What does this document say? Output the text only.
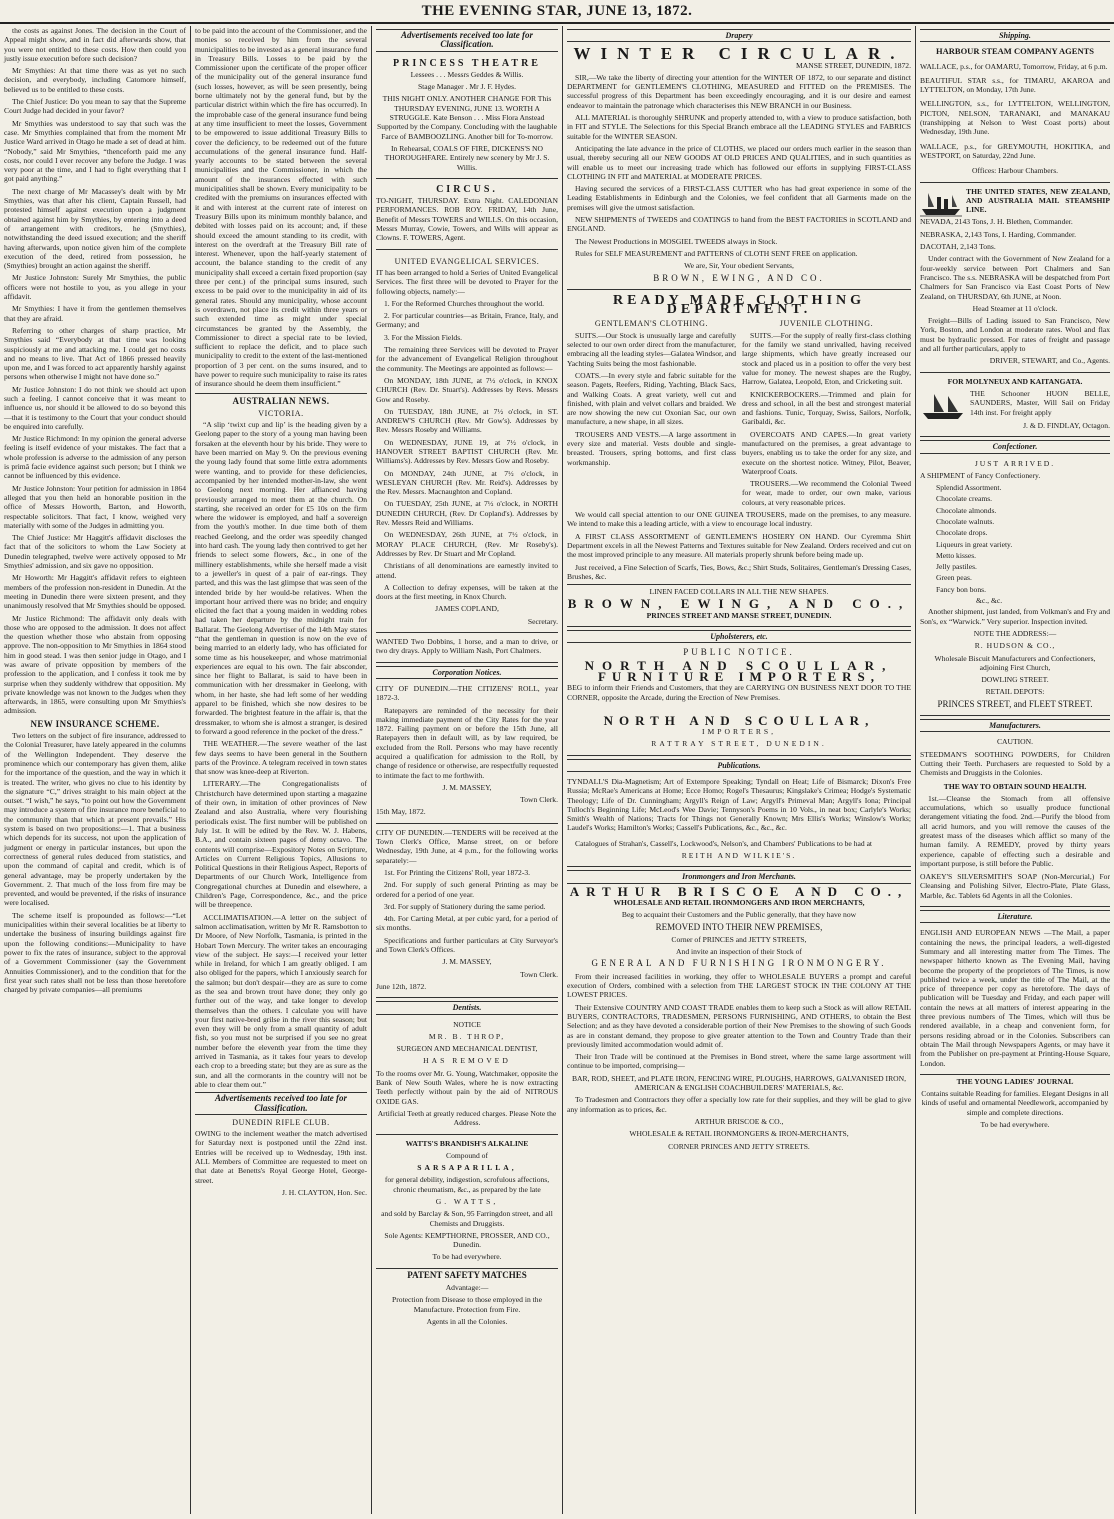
THE EVENING STAR, JUNE 13, 1872.

the costs as against Jones. The decision in the Court of Appeal might show, and in fact did afterwards show, that you were not entitled to these costs. How then could you justly issue execution before such decision?

Mr Smythies: At that time there was as yet no such decision, and everybody, including Catomore himself, believed us to be entitled to these costs.

The Chief Justice: Do you mean to say that the Supreme Court Judge had decided in your favor?

Mr Smythies was understood to say that such was the case. Mr Smythies complained that from the moment Mr Justice Ward arrived in Otago he made a set of dead at him. “Nobody,” said Mr Smythies, “thenceforth paid me any costs, nor could I ever recover any before the Judge. I was very poor at the time, and I had to fight everything that I got paid anything.”

The next charge of Mr Macassey's dealt with by Mr Smythies, was that after his client, Captain Russell, had protested himself against execution upon a judgment obtained against him by Smythies, by entering into a deed of arrangement with creditors, he (Smythies), notwithstanding the deed issued execution; and the sheriff having afterwards, upon notice given him of the complete execution of the deed, retired from possession, he (Smythies) brought an action against the sheriff.

Mr Justice Johnston: Surely Mr Smythies, the public officers were not hostile to you, as you allege in your affidavit.

Mr Smythies: I have it from the gentlemen themselves that they are afraid.

Referring to other charges of sharp practice, Mr Smythies said “Everybody at that time was looking suspiciously at me and attacking me. I could get no costs and no means to live. That Act of 1866 pressed heavily upon me, and I was forced to act apparently harshly against persons when otherwise I might not have done so.”

Mr Justice Johnston: I do not think we should act upon such a feeling. I cannot conceive that it was meant to influence us, nor should it be allowed to do so beyond this —that it is testimony to the Court that your conduct should be enquired into carefully.

Mr Justice Richmond: In my opinion the general adverse feeling is itself evidence of your mistakes. The fact that a whole profession is adverse to the admission of any person is primâ facie evidence against such person; but I think we cannot be influenced by this evidence.

Mr Justice Johnston: Your petition for admission in 1864 alleged that you then held an honorable position in the office of Messrs Howorth, Barton, and Howorth, respectable solicitors. That fact, I know, weighed very materially with some of the Judges in admitting you.

The Chief Justice: Mr Haggitt's affidavit discloses the fact that of the solicitors to whom the Law Society at Dunedin telegraphed, twelve were actively opposed to Mr Smythies' admission, and six gave no opposition.

Mr Howorth: Mr Haggitt's affidavit refers to eighteen members of the profession non-resident in Dunedin. At the meeting in Dunedin there were sixteen present, and they unanimously resolved that Mr Smythies should be opposed.

Mr Justice Richmond: The affidavit only deals with those who are opposed to the admission. It does not affect the question whether those who abstain from opposing approve. The non-opposition to Mr Smythies in 1864 stood him in good stead. I was then senior judge in Otago, and I was aware of private opposition by members of the profession to the application, and I confess it took me by surprise when they suddenly withdrew that opposition. My private knowledge was not known to the Judges when they afterwards, in 1865, were consulting upon Mr Smythies's admission.

NEW INSURANCE SCHEME.

Two letters on the subject of fire insurance, addressed to the Colonial Treasurer, have lately appeared in the columns of the Wellington Independent. They deserve the prominence which our contemporary has given them, alike for the importance of the question, and the way in which it is treated. The writer, who gives no clue to his identity by the signature “C,” drives straight to his main object at the outset. “I wish,” he says, “to point out how the Government may introduce a system of fire insurance more beneficial to the community than that which at present prevails.” His system is based on two propositions:—1. That a business which depends for its success, not upon the application of judgment or energy in particular instances, but upon the correctness of general rules deduced from statistics, and upon the command of capital and credit, which is of general advantage, may be properly undertaken by the Government. 2. That much of the loss from fire may be prevented, and would be prevented, if the risks of insurance were localised.

The scheme itself is propounded as follows:—“Let municipalities within their several localities be at liberty to undertake the business of insuring buildings against fire upon the following conditions:—Municipality to have power to fix the rates of insurance, subject to the approval of a Government Commissioner (say the Government Annuities Commissioner), and to the condition that for the first year such rates shall not be less than those heretofore charged by private companies—all premiums

to be paid into the account of the Commissioner, and the monies so received by him from the several municipalities to be invested as a general insurance fund in Treasury Bills. Losses to be paid by the Commissioner upon the certificate of the proper officer of the municipality out of the general insurance fund (such losses, however, as will be seen presently, being borne ultimately not by the general fund, but by the particular district within which the fire has occurred). In the improbable case of the general insurance fund being at any time insufficient to meet the losses, Government to be empowered to issue additional Treasury Bills to cover the deficiency, to be redeemed out of the future accumulations of the general insurance fund. Half-yearly accounts to be stated between the several municipalities and the Commissioner, in which the amount of the insurances effected with such municipalities shall be shown. Every municipality to be credited with the premiums on insurances effected with it and with interest at the current rate of interest on Treasury Bills upon its minimum monthly balance, and debited with losses paid on its account; and, if these should exceed the amount standing to its credit, with interest on the overdraft at the Treasury Bill rate of interest. Whenever, upon the half-yearly statement of account, the balance standing to the credit of any municipality shall exceed a certain fixed proportion (say three per cent.) of the principal sums insured, such excess to be paid over to the municipality in aid of its general rates. Should any municipality, whose account is overdrawn, not place its credit within three years or such extended time as might under special circumstances be granted by the Assembly, the Commissioner to direct a special rate to be levied, sufficient to replace the deficit, and to place such municipality to credit to the extent of the last-mentioned proportion of 3 per cent. on the sums insured, and to have power to require such municipality to raise its rates of insurance should he deem them insufficient.”

AUSTRALIAN NEWS.
VICTORIA.

“A slip ‘twixt cup and lip’ is the heading given by a Geelong paper to the story of a young man having been forsaken at the eleventh hour by his bride. They were to have been married on May 9. On the previous evening the young lady found that some little extra adornments were wanting, and to provide for these deficiencies, accompanied by her intended mother-in-law, she went to Geelong next morning. Her affianced having previously arranged to meet them at the church. On starting, she received an order for £5 10s on the firm where the widower is employed, and half a sovereign from the youth's mother. In due time both of them reached Geelong, and the order was speedily changed into hard cash. The young lady then contrived to get her friends to select some flowers, &c., in one of the millinery establishments, while she herself made a visit to a jeweller's in quest of a pair of ear-rings. They parted, and this was the last glimpse that was seen of the intended bride by her would-be relatives. When the important hour arrived there was no bride; and enquiry elicited the fact that a young maiden in wedding robes had taken her departure by the midnight train for Ballarat. The Geelong Advertiser of the 14th May states “that the gentleman in question is now on the eve of being married to an elderly lady, who has officiated for some time as his housekeeper, and whose matrimonial experiences are equal to his own. The fair absconder, since her flight to Ballarat, is said to have been in communication with her dressmaker in Geelong, with whom, in her haste, she had left some of her wedding apparel to be finished, which she now desires to be forwarded. The brightest feature in the affair is, that the dressmaker, to whom she is almost a stranger, is desired to forward a good reference in the pocket of the dress.”

THE WEATHER.—The severe weather of the last few days seems to have been general in the Southern parts of the Province. A telegram received in town states that snow was knee-deep at Riverton.

LITERARY.—The Congregationalists of Christchurch have determined upon starting a magazine of their own, in imitation of other provinces of New Zealand and also Australia, where very flourishing periodicals exist. The first number will be published on July 1st. It will be edited by the Rev. W. J. Habens, B.A., and contain sixteen pages of demy octavo. The contents will comprise—Expository Notes on Scripture, Articles on Current Religious Topics, Allusions to Political Questions in their Religious Aspect, Reports of Departments of our Church Work, Intelligence from Congregational churches at Dunedin and elsewhere, a Children's Page, Correspondence, &c., and the price will be threepence.

ACCLIMATISATION.—A letter on the subject of salmon acclimatisation, written by Mr R. Ramsbotton to Dr Moore, of New Norfolk, Tasmania, is printed in the Hobart Town Mercury. The writer takes an encouraging view of the subject. He says:—I received your letter while in Ireland, for which I am greatly obliged. I am also obliged for the papers, which I anxiously search for the salmon; but don't despair—they are as sure to come as the sea and brown trout have done; they only go further out of the way, and take longer to develop themselves than the others. I calculate you will have your first native-bred grilse in the river this season; but even they will be only from a small quantity of adult fish, so you must not be surprised if you see no great number before the eleventh year from the time they arrived in Tasmania, as it takes four years to develop each crop to a breeding state; but they are as sure as the sun, and all the cormorants in the country will not be able to clear them out.”

Advertisements received too late for Classification.
DUNEDIN RIFLE CLUB.

OWING to the inclement weather the match advertised for Saturday next is postponed until the 22nd inst. Entries will be received up to Wednesday, 19th inst. ALL Members of Committee are requested to meet on that date at Benetts's Royal George Hotel, George-street.

J. H. CLAYTON, Hon. Sec.

Advertisements received too late for Classification.
PRINCESS THEATRE

Lessees . . . Messrs Geddes & Willis.

Stage Manager . Mr J. F. Hydes.

THIS NIGHT ONLY. ANOTHER CHANGE FOR This THURSDAY EVENING, JUNE 13. WORTH A STRUGGLE. Kate Benson . . . Miss Flora Anstead Supported by the Company. Concluding with the laughable Farce of BAMBOOZLING. Another bill for To-morrow.

In Rehearsal, COALS OF FIRE, DICKENS'S NO THOROUGHFARE. Entirely new scenery by Mr J. S. Willis.

CIRCUS.

TO-NIGHT, THURSDAY. Extra Night. CALEDONIAN PERFORMANCES. ROB ROY. FRIDAY, 14th June, Benefit of Messrs TOWERS and WILLS. On this occasion, Messrs Murray, Cowie, Towers, and Wills will appear as Clowns. F. TOWERS, Agent.

UNITED EVANGELICAL SERVICES.

IT has been arranged to hold a Series of United Evangelical Services. The first three will be devoted to Prayer for the following objects, namely:—

1. For the Reformed Churches throughout the world.

2. For particular countries—as Britain, France, Italy, and Germany; and

3. For the Mission Fields.

The remaining three Services will be devoted to Prayer for the advancement of Evangelical Religion throughout the community. The Meetings are appointed as follows:—

On MONDAY, 18th JUNE, at 7½ o'clock, in KNOX CHURCH (Rev. Dr. Stuart's). Addresses by Revs. Messrs Gow and Roseby.

On TUESDAY, 18th JUNE, at 7½ o'clock, in ST. ANDREW'S CHURCH (Rev. Mr Gow's). Addresses by Rev. Messrs Roseby and Williams.

On WEDNESDAY, JUNE 19, at 7½ o'clock, in HANOVER STREET BAPTIST CHURCH (Rev. Mr. Williams's). Addresses by Rev. Messrs Gow and Roseby.

On MONDAY, 24th JUNE, at 7½ o'clock, in WESLEYAN CHURCH (Rev. Mr. Reid's). Addresses by the Rev. Messrs. Macnaughton and Copland.

On TUESDAY, 25th JUNE, at 7½ o'clock, in NORTH DUNEDIN CHURCH, (Rev. Dr Copland's). Addresses by Rev. Messrs Reid and Williams.

On WEDNESDAY, 26th JUNE, at 7½ o'clock, in MORAY PLACE CHURCH, (Rev. Mr Roseby's). Addresses by Rev. Dr Stuart and Mr Copland.

Christians of all denominations are earnestly invited to attend.

A Collection to defray expenses, will be taken at the doors at the first meeting, in Knox Church.

JAMES COPLAND,

Secretary.

WANTED Two Dobbins, 1 horse, and a man to drive, or two dry drays. Apply to William Nash, Port Chalmers.

Corporation Notices.

CITY OF DUNEDIN.—THE CITIZENS' ROLL, year 1872-3.

Ratepayers are reminded of the necessity for their making immediate payment of the City Rates for the year 1872. Failing payment on or before the 15th June, all Ratepayers then in default will, as by law required, be excluded from the Roll. Persons who may have recently acquired a qualification for admission to the Roll, by change of residence or otherwise, are respectfully requested to intimate the fact to me forthwith.

J. M. MASSEY,

Town Clerk.

15th May, 1872.

CITY OF DUNEDIN.—TENDERS will be received at the Town Clerk's Office, Manse street, on or before Wednesday, 19th June, at 4 p.m., for the following works separately:—

1st. For Printing the Citizens' Roll, year 1872-3.

2nd. For supply of such general Printing as may be ordered for a period of one year.

3rd. For supply of Stationery during the same period.

4th. For Carting Metal, at per cubic yard, for a period of six months.

Specifications and further particulars at City Surveyor's and Town Clerk's Offices.

J. M. MASSEY,

Town Clerk.

June 12th, 1872.

Dentists.

NOTICE

MR. B. THROP,

SURGEON AND MECHANICAL DENTIST,

HAS REMOVED

To the rooms over Mr. G. Young, Watchmaker, opposite the Bank of New South Wales, where he is now extracting Teeth perfectly without pain by the aid of NITROUS OXIDE GAS.

Artificial Teeth at greatly reduced charges. Please Note the Address.

WATTS'S BRANDISH'S ALKALINE

Compound of

SARSAPARILLA,

for general debility, indigestion, scrofulous affections, chronic rheumatism, &c., as prepared by the late

G. WATTS,

and sold by Barclay & Son, 95 Farringdon street, and all Chemists and Druggists.

Sole Agents: KEMPTHORNE, PROSSER, AND CO., Dunedin.

To be had everywhere.

PATENT SAFETY MATCHES

Advantage:—

Protection from Disease to those employed in the Manufacture. Protection from Fire.

Agents in all the Colonies.

Drapery
WINTER CIRCULAR.

MANSE STREET, DUNEDIN, 1872.

SIR,—We take the liberty of directing your attention for the WINTER OF 1872, to our separate and distinct DEPARTMENT for GENTLEMEN'S CLOTHING, MEASURED and FITTED on the PREMISES. The successful progress of this Department has been exceedingly encouraging, and it is our desire and earnest endeavor to maintain the patronage which characterises this NEW BRANCH in our Business.

ALL MATERIAL is thoroughly SHRUNK and properly attended to, with a view to produce satisfaction, both in FIT and STYLE. The Selections for this Special Branch embrace all the LEADING STYLES and FABRICS suitable for the WINTER SEASON.

Anticipating the late advance in the price of CLOTHS, we placed our orders much earlier in the season than usual, thereby securing all our NEW GOODS AT OLD PRICES AND QUALITIES, and in such quantities as will enable us to meet our increasing trade which has followed our efforts in supplying FIRST-CLASS CLOTHING IN FIT and MATERIAL at MODERATE PRICES.

Having secured the services of a FIRST-CLASS CUTTER who has had great experience in some of the Leading Establishments in Edinburgh and the Colonies, we feel confident that all Garments made on the premises will give the utmost satisfaction.

NEW SHIPMENTS of TWEEDS and COATINGS to hand from the BEST FACTORIES in SCOTLAND and ENGLAND.

The Newest Productions in MOSGIEL TWEEDS always in Stock.

Rules for SELF MEASUREMENT and PATTERNS of CLOTH SENT FREE on application.

We are, Sir, Your obedient Servants,

BROWN, EWING, AND CO.

READY MADE CLOTHING DEPARTMENT.
GENTLEMAN'S CLOTHING.

SUITS.—Our Stock is unusually large and carefully selected to our own order direct from the manufacturer, embracing all the leading styles—Galatea Windsor, and Yachting Suits being the most fashionable.

COATS.—In every style and fabric suitable for the season. Pagets, Reefers, Riding, Yachting, Black Sacs, and Walking Coats. A great variety, well cut and finished, with plain and velvet collars and braided. We are now showing the new cut Oxonian Sac, our own manufacture, a new shape, in all sizes.

TROUSERS AND VESTS.—A large assortment in every size and material. Vests double and single-breasted. Trousers, spring bottoms, and first class workmanship.

JUVENILE CLOTHING.

SUITS.—For the supply of really first-class clothing for the family we stand unrivalled, having received large shipments, which have greatly increased our stock and placed us in a position to offer the very best value for money. The newest shapes are the Rugby, Harrow, Galatea, Leopold, Eton, and Cricketing suit.

KNICKERBOCKERS.—Trimmed and plain for dress and school, in all the best and strongest material and fashions. Tunic, Torquay, Swiss, Sailors, Norfolk, Garibaldi, &c.

OVERCOATS AND CAPES.—In great variety manufactured on the premises, a great advantage to buyers, enabling us to take the order for any size, and execute on the shortest notice. Witney, Pilot, Beaver, Waterproof Coats.

TROUSERS.—We recommend the Colonial Tweed for wear, made to order, our own make, various colours, at very reasonable prices.

We would call special attention to our ONE GUINEA TROUSERS, made on the premises, to any measure. We intend to make this a leading article, with a view to encourage local industry.

A FIRST CLASS ASSORTMENT of GENTLEMEN'S HOSIERY ON HAND. Our Cyremma Shirt Department excels in all the Newest Patterns and Textures suitable for New Zealand. Orders received and cut on the most improved principle to any measure. All materials properly shrunk before being made up.

Just received, a Fine Selection of Scarfs, Ties, Bows, &c.; Shirt Studs, Solitaires, Gentleman's Dressing Cases, Brushes, &c.

LINEN FACED COLLARS IN ALL THE NEW SHAPES.

BROWN, EWING, AND CO.,

PRINCES STREET AND MANSE STREET, DUNEDIN.

Upholsterers, etc.

PUBLIC NOTICE.

NORTH AND SCOULLAR,
FURNITURE IMPORTERS,

BEG to inform their Friends and Customers, that they are CARRYING ON BUSINESS NEXT DOOR TO THE CORNER, opposite the Arcade, during the Erection of New Premises.

NORTH AND SCOULLAR,

IMPORTERS,

RATTRAY STREET, DUNEDIN.

Publications.

TYNDALL'S Dia-Magnetism; Art of Extempore Speaking; Tyndall on Heat; Life of Bismarck; Dixon's Free Russia; McRae's Americans at Home; Ecce Homo; Rogel's Thesaurus; Kingslake's Crimea; Hodge's Systematic Theology; Life of Dr. Cunningham; Argyll's Reign of Law; Argyll's Primeval Man; Argyll's Iona; Principal Tulloch's Beginning Life; McLeod's Wee Davie; Tennyson's Poems in 10 Vols., in neat box; Carlyle's Works; Smith's Wealth of Nations; Tracts for Things not Generally Known; Mrs Ellis's Works; Winslow's Works; Laudel's Works; Hamilton's Works; Cassell's Publications, &c., &c., &c.

Catalogues of Strahan's, Cassell's, Lockwood's, Nelson's, and Chambers' Publications to be had at

REITH AND WILKIE'S.

Ironmongers and Iron Merchants.
ARTHUR BRISCOE AND CO.,

WHOLESALE AND RETAIL IRONMONGERS AND IRON MERCHANTS,

Beg to acquaint their Customers and the Public generally, that they have now

REMOVED INTO THEIR NEW PREMISES,

Corner of PRINCES and JETTY STREETS,

And invite an inspection of their Stock of

GENERAL AND FURNISHING IRONMONGERY.

From their increased facilities in working, they offer to WHOLESALE BUYERS a prompt and careful execution of Orders, combined with a selection from THE LARGEST STOCK IN THE COLONY AT THE LOWEST PRICES.

Their Extensive COUNTRY AND COAST TRADE enables them to keep such a Stock as will allow RETAIL BUYERS, CONTRACTORS, TRADESMEN, PERSONS FURNISHING, AND OTHERS, to obtain the Best Selection; and as they have devoted a considerable portion of their New Premises to the showing of such Goods as are in constant demand, they propose to give greater attention to the Town and Country Trade than their previously limited accommodation would admit of.

Their Iron Trade will be continued at the Premises in Bond street, where the same large assortment will continue to be imported, comprising—

BAR, ROD, SHEET, and PLATE IRON, FENCING WIRE, PLOUGHS, HARROWS, GALVANISED IRON, AMERICAN & ENGLISH COACHBUILDERS' MATERIALS, &c.

To Tradesmen and Contractors they offer a specially low rate for their supplies, and they will be glad to give any information as to prices, &c.

ARTHUR BRISCOE & CO.,

WHOLESALE & RETAIL IRONMONGERS & IRON-MERCHANTS,

CORNER PRINCES AND JETTY STREETS.

Shipping.

HARBOUR STEAM COMPANY AGENTS

WALLACE, p.s., for OAMARU, Tomorrow, Friday, at 6 p.m.

BEAUTIFUL STAR s.s., for TIMARU, AKAROA and LYTTELTON, on Monday, 17th June.

WELLINGTON, s.s., for LYTTELTON, WELLINGTON, PICTON, NELSON, TARANAKI, and MANAKAU (transhipping at Nelson to West Coast ports) about Wednesday, 19th June.

WALLACE, p.s., for GREYMOUTH, HOKITIKA, and WESTPORT, on Saturday, 22nd June.

Offices: Harbour Chambers.

THE UNITED STATES, NEW ZEALAND, AND AUSTRALIA MAIL STEAMSHIP LINE.

NEVADA, 2143 Tons, J. H. Blethen, Commander.

NEBRASKA, 2,143 Tons, I. Harding, Commander.

DACOTAH, 2,143 Tons.

Under contract with the Government of New Zealand for a four-weekly service between Port Chalmers and San Francisco. The s.s. NEBRASKA will be despatched from Port Chalmers for San Francisco via East Coast Ports of New Zealand, on THURSDAY, 6th JUNE, at Noon.

Head Steamer at 11 o'clock.

Freight—Bills of Lading issued to San Francisco, New York, Boston, and London at moderate rates. Wool and flax must be hydraulic pressed. For rates of freight and passage and all further particulars, apply to

DRIVER, STEWART, and Co., Agents.

FOR MOLYNEUX AND KAITANGATA.

THE Schooner HUON BELLE, SAUNDERS, Master, Will Sail on Friday 14th inst. For freight apply

J. & D. FINDLAY, Octagon.

Confectioner.

JUST ARRIVED.

A SHIPMENT of Fancy Confectionery.

Splendid Assortment.
Chocolate creams.
Chocolate almonds.
Chocolate walnuts.
Chocolate drops.
Liqueurs in great variety.
Metto kisses.
Jelly pastiles.
Green peas.
Fancy bon bons.
&c., &c.

Another shipment, just landed, from Volkman's and Fry and Son's, ex “Warwick.” Very superior. Inspection invited.

NOTE THE ADDRESS:—

R. HUDSON & CO.,

Wholesale Biscuit Manufacturers and Confectioners, adjoining First Church,

DOWLING STREET.

RETAIL DEPOTS:

PRINCES STREET, and FLEET STREET.

Manufacturers.

CAUTION.

STEEDMAN'S SOOTHING POWDERS, for Children Cutting their Teeth. Purchasers are requested to Sold by a Chemists and Druggists in the Colonies.

THE WAY TO OBTAIN SOUND HEALTH.

1st.—Cleanse the Stomach from all offensive accumulations, which so usually produce functional derangement vitiating the food. 2nd.—Purify the blood from all acrid humors, and you will remove the causes of the greatest mass of the diseases which afflict so many of the human family. A REMEDY, proved by thirty years experience, capable of effecting such a desirable and important purpose, is still before the Public.

OAKEY'S SILVERSMITH'S SOAP (Non-Mercurial,) For Cleansing and Polishing Silver, Electro-Plate, Plate Glass, Marble, &c. Tablets 6d Agents in all the Colonies.

Literature.

ENGLISH AND EUROPEAN NEWS —The Mail, a paper containing the news, the principal leaders, a well-digested Summary and all interesting matter from The Times. The newspaper hitherto known as The Evening Mail, having become the property of the proprietors of The Times, is now published twice a week, under the title of The Mail, at the price of threepence per copy as heretofore. The days of publication will be Tuesday and Friday, and each paper will contain the news at all matters of interest appearing in the three previous numbers of The Times, which will thus be rendered available, in a cheap and convenient form, for persons residing abroad or in the Colonies. Subscribers can obtain The Mail through Newspapers Agents, or may have it from the Publisher on pre-payment at Printing-House Square, London.

THE YOUNG LADIES' JOURNAL

Contains suitable Reading for families. Elegant Designs in all kinds of useful and ornamental Needlework, accompanied by simple and complete directions.

To be had everywhere.
